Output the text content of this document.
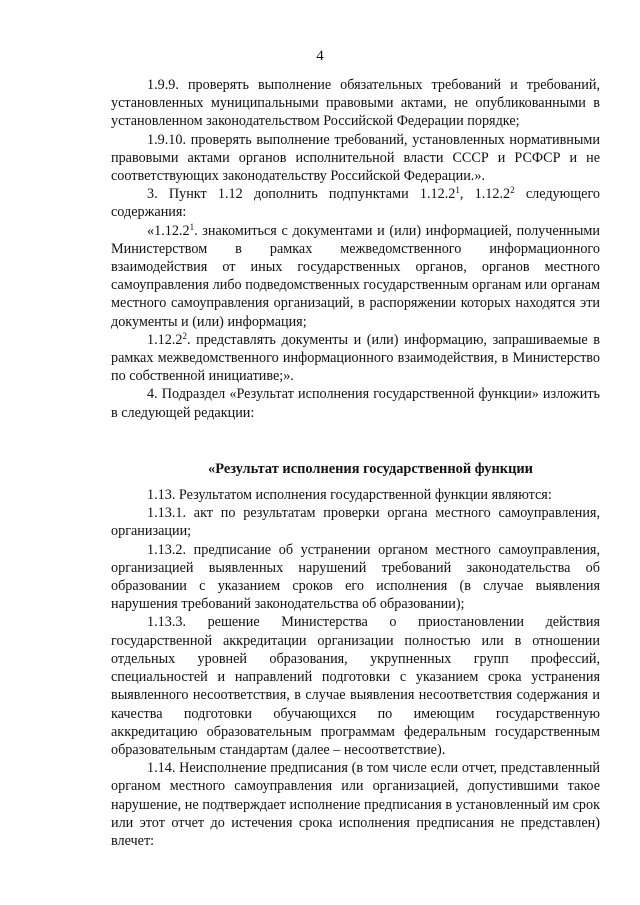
4

1.9.9. проверять выполнение обязательных требований и требований, установленных муниципальными правовыми актами, не опубликованными в установленном законодательством Российской Федерации порядке;

1.9.10. проверять выполнение требований, установленных нормативными правовыми актами органов исполнительной власти СССР и РСФСР и не соответствующих законодательству Российской Федерации.».

3. Пункт 1.12 дополнить подпунктами 1.12.2$^1$, 1.12.2$^2$ следующего содержания:

«1.12.2$^1$. знакомиться с документами и (или) информацией, полученными Министерством в рамках межведомственного информационного взаимодействия от иных государственных органов, органов местного самоуправления либо подведомственных государственным органам или органам местного самоуправления организаций, в распоряжении которых находятся эти документы и (или) информация;

1.12.2$^2$. представлять документы и (или) информацию, запрашиваемые в рамках межведомственного информационного взаимодействия, в Министерство по собственной инициативе;».

4. Подраздел «Результат исполнения государственной функции» изложить в следующей редакции:

«Результат исполнения государственной функции

1.13. Результатом исполнения государственной функции являются:

1.13.1. акт по результатам проверки органа местного самоуправления, организации;

1.13.2. предписание об устранении органом местного самоуправления, организацией выявленных нарушений требований законодательства об образовании с указанием сроков его исполнения (в случае выявления нарушения требований законодательства об образовании);

1.13.3. решение Министерства о приостановлении действия государственной аккредитации организации полностью или в отношении отдельных уровней образования, укрупненных групп профессий, специальностей и направлений подготовки с указанием срока устранения выявленного несоответствия, в случае выявления несоответствия содержания и качества подготовки обучающихся по имеющим государственную аккредитацию образовательным программам федеральным государственным образовательным стандартам (далее – несоответствие).

1.14. Неисполнение предписания (в том числе если отчет, представленный органом местного самоуправления или организацией, допустившими такое нарушение, не подтверждает исполнение предписания в установленный им срок или этот отчет до истечения срока исполнения предписания не представлен) влечет:
